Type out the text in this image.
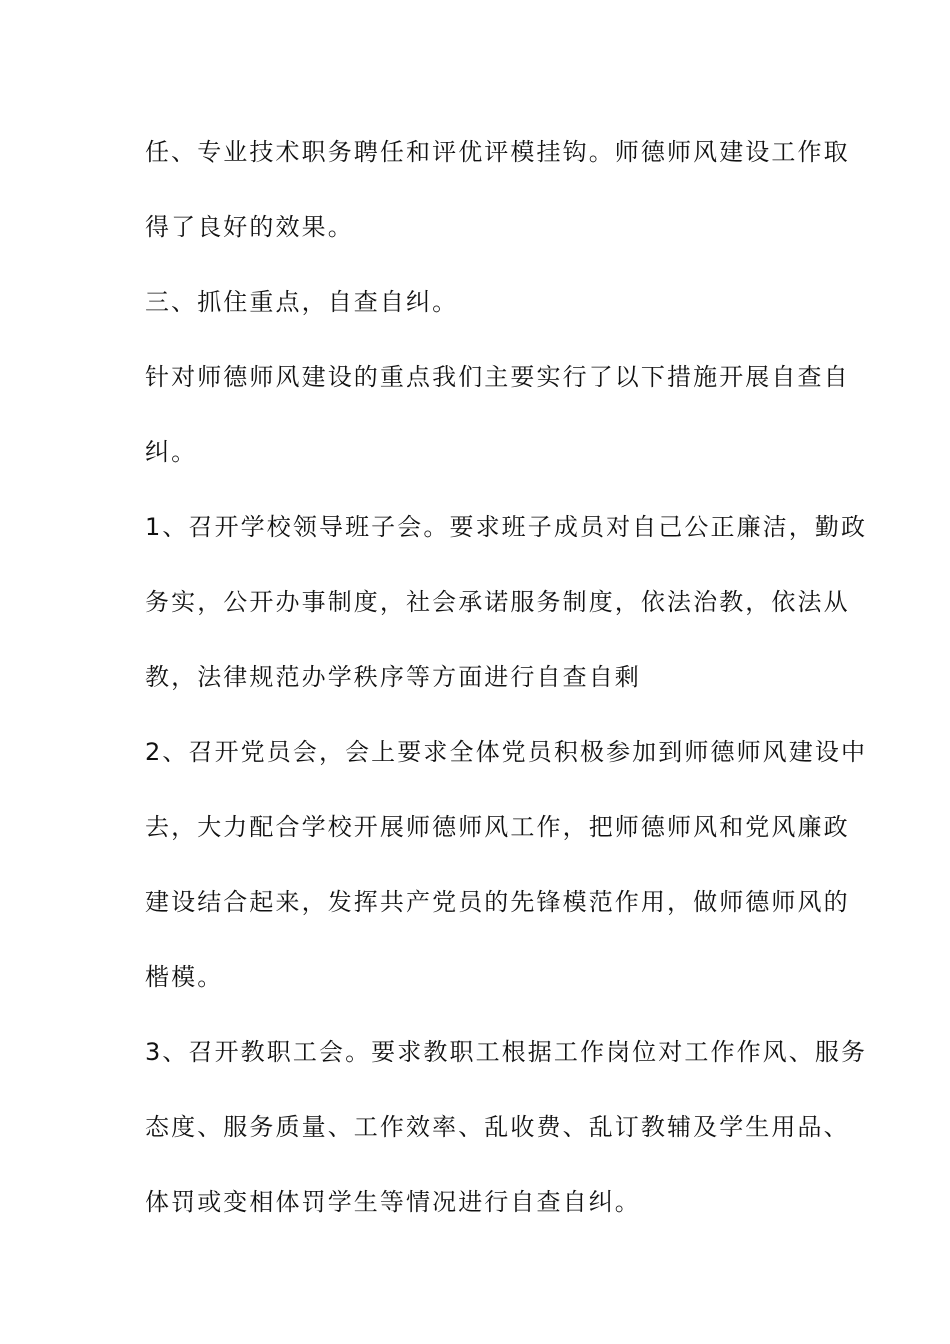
任、专业技术职务聘任和评优评模挂钩。师德师风建设工作取
得了良好的效果。
三、抓住重点，自查自纠。
针对师德师风建设的重点我们主要实行了以下措施开展自查自
纠。
1、召开学校领导班子会。要求班子成员对自己公正廉洁，勤政
务实，公开办事制度，社会承诺服务制度，依法治教，依法从
教，法律规范办学秩序等方面进行自查自剩
2、召开党员会，会上要求全体党员积极参加到师德师风建设中
去，大力配合学校开展师德师风工作，把师德师风和党风廉政
建设结合起来，发挥共产党员的先锋模范作用，做师德师风的
楷模。
3、召开教职工会。要求教职工根据工作岗位对工作作风、服务
态度、服务质量、工作效率、乱收费、乱订教辅及学生用品、
体罚或变相体罚学生等情况进行自查自纠。
